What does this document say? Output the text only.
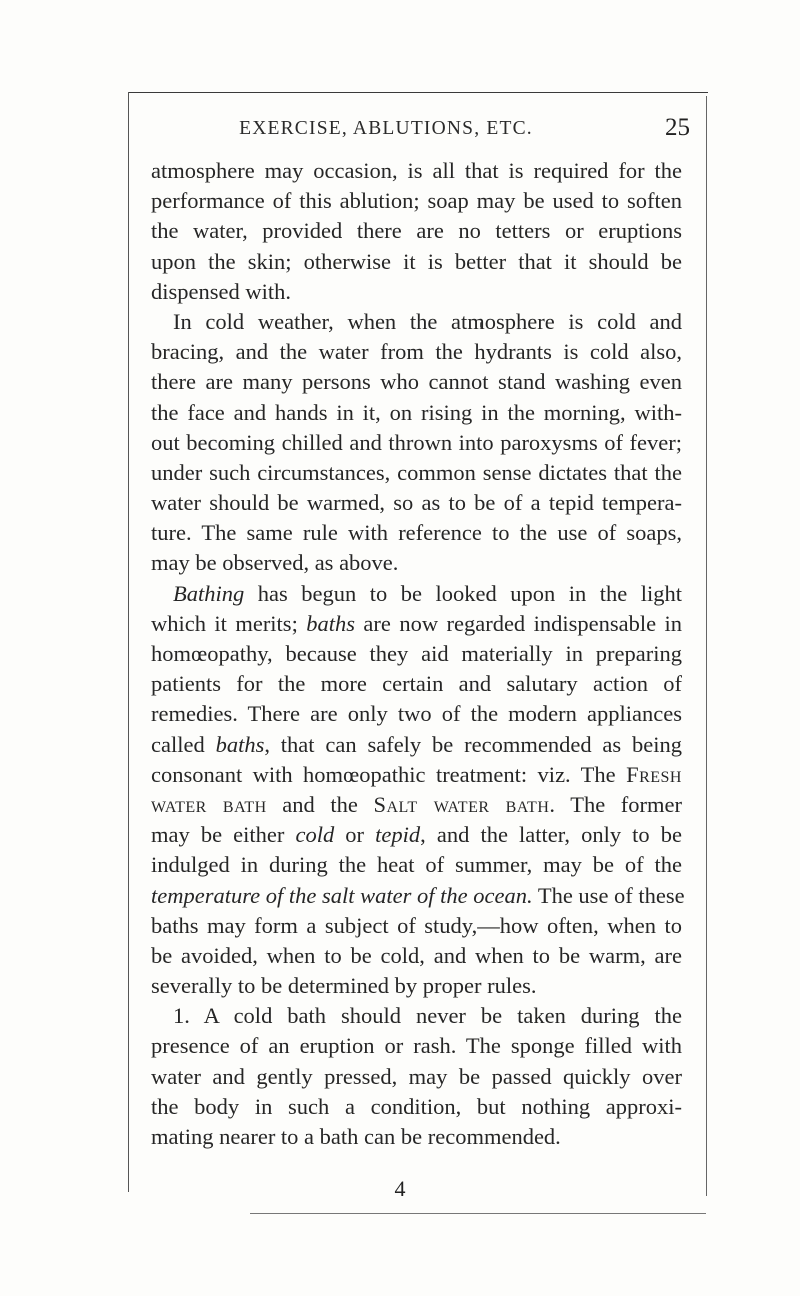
EXERCISE, ABLUTIONS, ETC.	25
atmosphere may occasion, is all that is required for the
performance of this ablution; soap may be used to soften
the water, provided there are no tetters or eruptions
upon the skin; otherwise it is better that it should be
dispensed with.
In cold weather, when the atmosphere is cold and
bracing, and the water from the hydrants is cold also,
there are many persons who cannot stand washing even
the face and hands in it, on rising in the morning, with-
out becoming chilled and thrown into paroxysms of fever;
under such circumstances, common sense dictates that the
water should be warmed, so as to be of a tepid tempera-
ture. The same rule with reference to the use of soaps,
may be observed, as above.
Bathing has begun to be looked upon in the light
which it merits; baths are now regarded indispensable in
homœopathy, because they aid materially in preparing
patients for the more certain and salutary action of
remedies. There are only two of the modern appliances
called baths, that can safely be recommended as being
consonant with homœopathic treatment: viz. The Fresh
water bath and the Salt water bath. The former
may be either cold or tepid, and the latter, only to be
indulged in during the heat of summer, may be of the
temperature of the salt water of the ocean. The use of these
baths may form a subject of study,—how often, when to
be avoided, when to be cold, and when to be warm, are
severally to be determined by proper rules.
1. A cold bath should never be taken during the
presence of an eruption or rash. The sponge filled with
water and gently pressed, may be passed quickly over
the body in such a condition, but nothing approxi-
mating nearer to a bath can be recommended.
4
